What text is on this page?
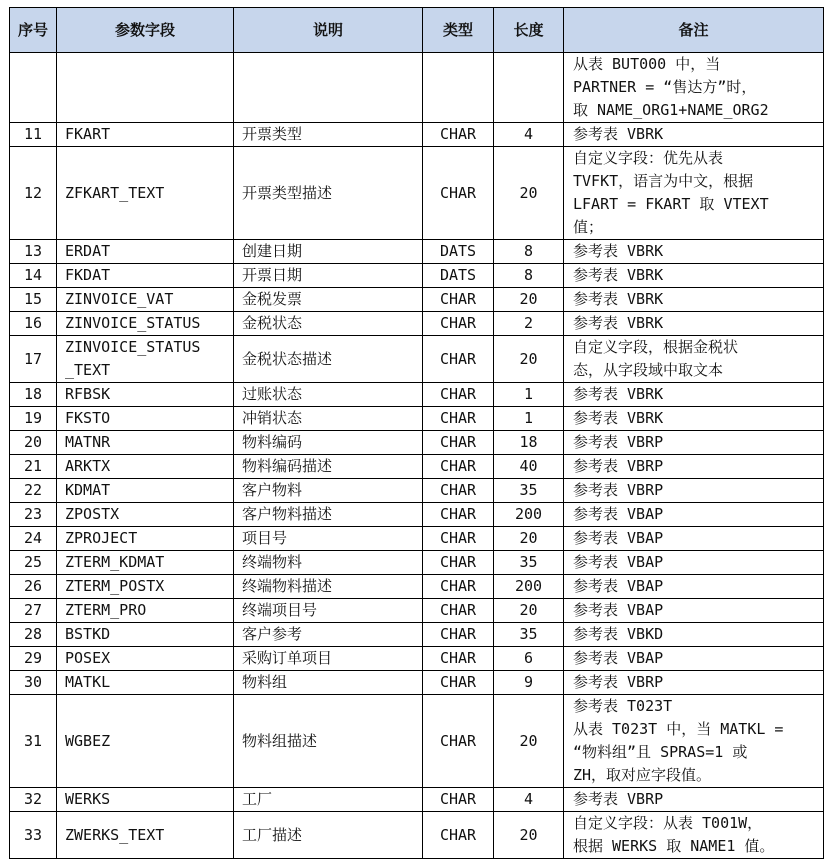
序号	参数字段	说明	类型	长度	备注

					从表 BUT000 中，当
PARTNER = “售达方”时，
取 NAME_ORG1+NAME_ORG2

11	FKART	开票类型	CHAR	4	参考表 VBRK

12	ZFKART_TEXT	开票类型描述	CHAR	20	自定义字段：优先从表
TVFKT，语言为中文，根据
LFART = FKART 取 VTEXT
值；

13	ERDAT	创建日期	DATS	8	参考表 VBRK

14	FKDAT	开票日期	DATS	8	参考表 VBRK

15	ZINVOICE_VAT	金税发票	CHAR	20	参考表 VBRK

16	ZINVOICE_STATUS	金税状态	CHAR	2	参考表 VBRK

17	ZINVOICE_STATUS
_TEXT	金税状态描述	CHAR	20	自定义字段，根据金税状
态，从字段域中取文本

18	RFBSK	过账状态	CHAR	1	参考表 VBRK

19	FKSTO	冲销状态	CHAR	1	参考表 VBRK

20	MATNR	物料编码	CHAR	18	参考表 VBRP

21	ARKTX	物料编码描述	CHAR	40	参考表 VBRP

22	KDMAT	客户物料	CHAR	35	参考表 VBRP

23	ZPOSTX	客户物料描述	CHAR	200	参考表 VBAP

24	ZPROJECT	项目号	CHAR	20	参考表 VBAP

25	ZTERM_KDMAT	终端物料	CHAR	35	参考表 VBAP

26	ZTERM_POSTX	终端物料描述	CHAR	200	参考表 VBAP

27	ZTERM_PRO	终端项目号	CHAR	20	参考表 VBAP

28	BSTKD	客户参考	CHAR	35	参考表 VBKD

29	POSEX	采购订单项目	CHAR	6	参考表 VBAP

30	MATKL	物料组	CHAR	9	参考表 VBRP

31	WGBEZ	物料组描述	CHAR	20	参考表 T023T
从表 T023T 中，当 MATKL =
“物料组”且 SPRAS=1 或
ZH，取对应字段值。

32	WERKS	工厂	CHAR	4	参考表 VBRP

33	ZWERKS_TEXT	工厂描述	CHAR	20	自定义字段：从表 T001W，
根据 WERKS 取 NAME1 值。
